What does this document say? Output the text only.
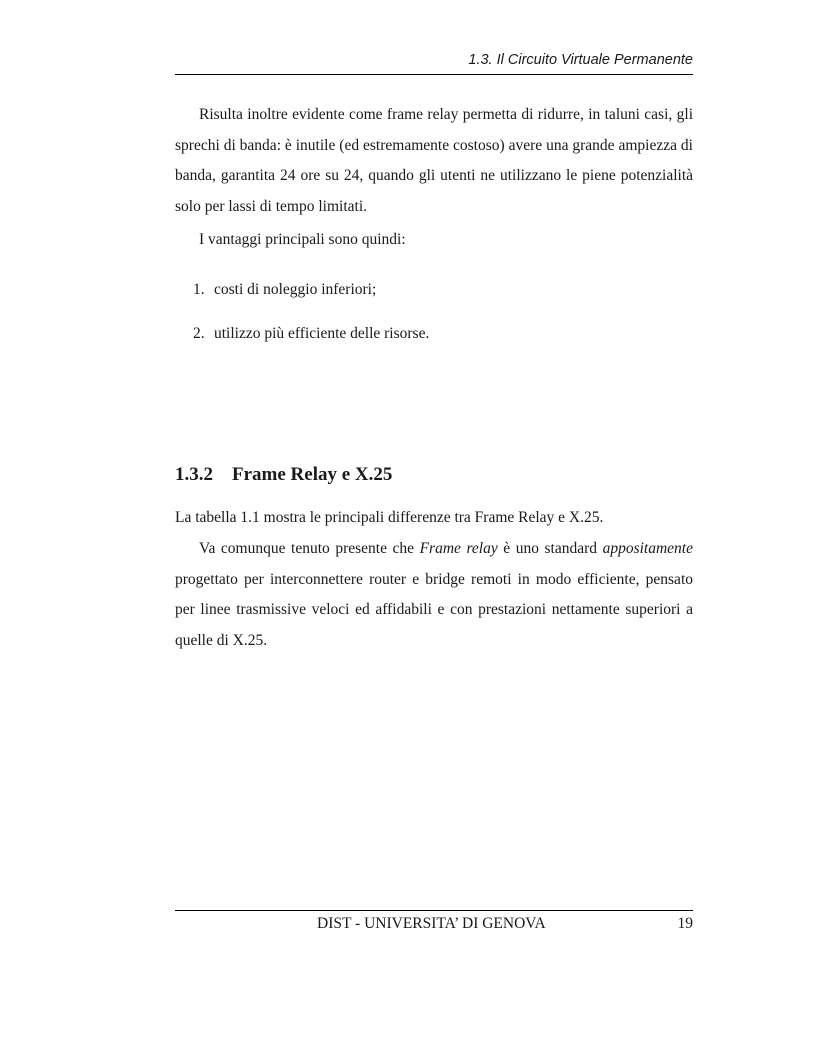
1.3. Il Circuito Virtuale Permanente

Risulta inoltre evidente come frame relay permetta di ridurre, in taluni casi, gli sprechi di banda: è inutile (ed estremamente costoso) avere una grande ampiezza di banda, garantita 24 ore su 24, quando gli utenti ne utilizzano le piene potenzialità solo per lassi di tempo limitati.

I vantaggi principali sono quindi:

1. costi di noleggio inferiori;
2. utilizzo più efficiente delle risorse.
1.3.2 Frame Relay e X.25

La tabella 1.1 mostra le principali differenze tra Frame Relay e X.25.

Va comunque tenuto presente che Frame relay è uno standard appositamente progettato per interconnettere router e bridge remoti in modo efficiente, pensato per linee trasmissive veloci ed affidabili e con prestazioni nettamente superiori a quelle di X.25.

DIST - UNIVERSITA’ DI GENOVA	19
